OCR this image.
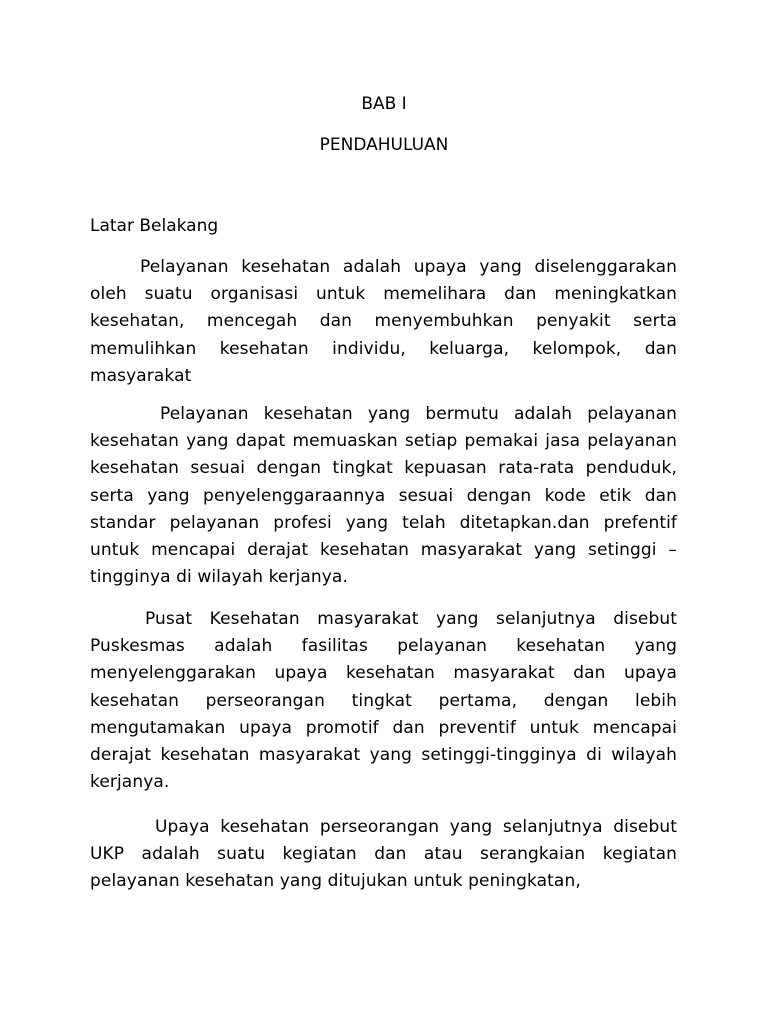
BAB I
PENDAHULUAN
Latar Belakang

Pelayanan kesehatan adalah upaya yang diselenggarakan oleh suatu organisasi untuk memelihara dan meningkatkan kesehatan, mencegah dan menyembuhkan penyakit serta memulihkan kesehatan individu, keluarga, kelompok, dan masyarakat

Pelayanan kesehatan yang bermutu adalah pelayanan kesehatan yang dapat memuaskan setiap pemakai jasa pelayanan kesehatan sesuai dengan tingkat kepuasan rata-rata penduduk, serta yang penyelenggaraannya sesuai dengan kode etik dan standar pelayanan profesi yang telah ditetapkan.dan prefentif untuk mencapai derajat kesehatan masyarakat yang setinggi – tingginya di wilayah kerjanya.

Pusat Kesehatan masyarakat yang selanjutnya disebut Puskesmas adalah fasilitas pelayanan kesehatan yang menyelenggarakan upaya kesehatan masyarakat dan upaya kesehatan perseorangan tingkat pertama, dengan lebih mengutamakan upaya promotif dan preventif untuk mencapai derajat kesehatan masyarakat yang setinggi-tingginya di wilayah kerjanya.

Upaya kesehatan perseorangan yang selanjutnya disebut UKP adalah suatu kegiatan dan atau serangkaian kegiatan pelayanan kesehatan yang ditujukan untuk peningkatan,
